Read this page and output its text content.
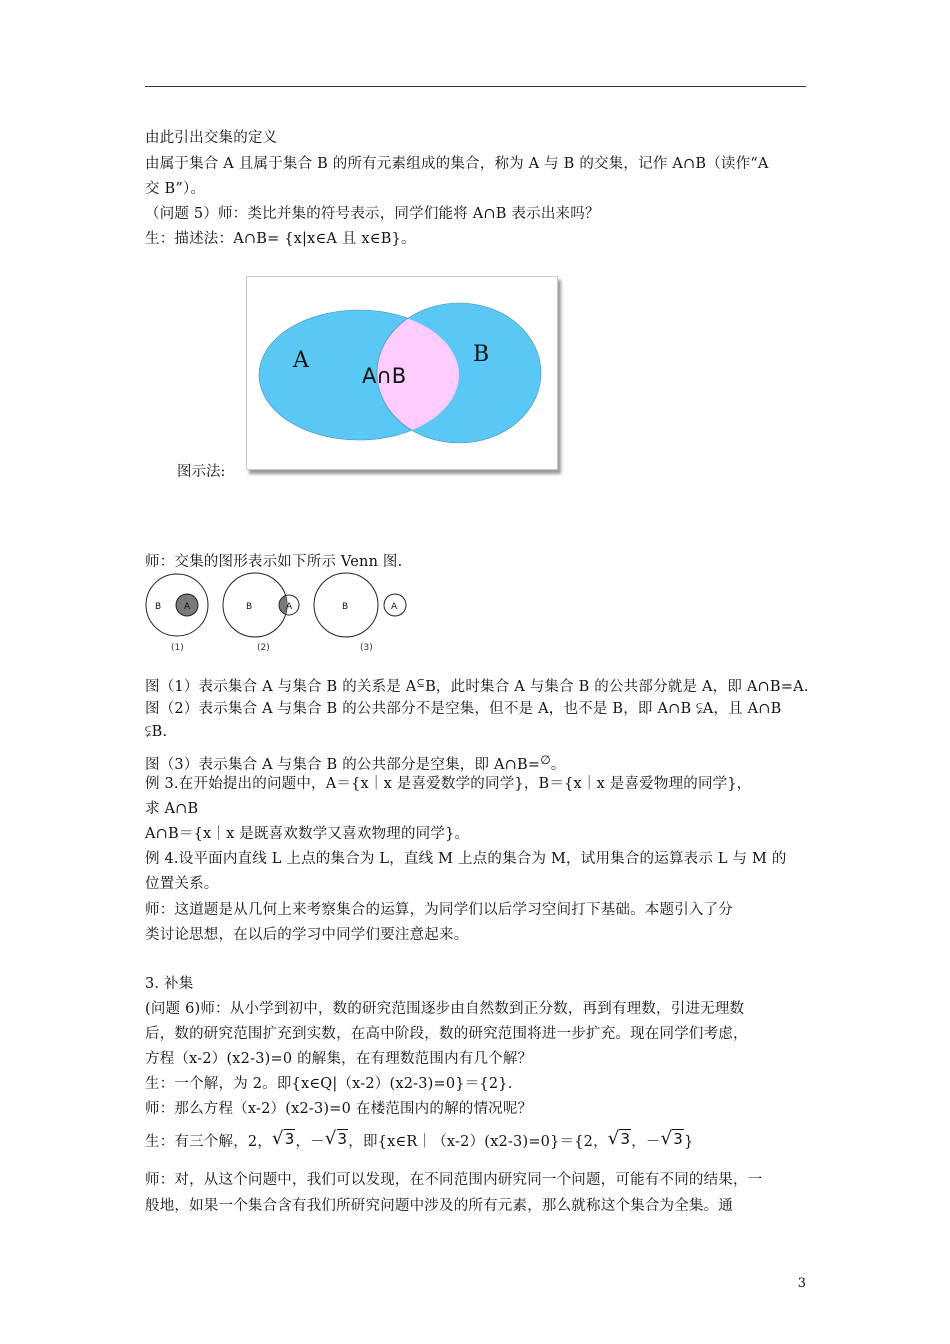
由此引出交集的定义
由属于集合 A 且属于集合 B 的所有元素组成的集合，称为 A 与 B 的交集，记作 A∩B（读作“A
交 B”）。
（问题 5）师：类比并集的符号表示，同学们能将 A∩B 表示出来吗？
生：描述法：A∩B= {x|x∈A 且 x∈B}。
A	B
A∩B
图示法:
师：交集的图形表示如下所示 Venn 图.
B	A
(1)
B	A
(2)
B	A
(3)
图（1）表示集合 A 与集合 B 的关系是 A⊆B，此时集合 A 与集合 B 的公共部分就是 A，即 A∩B=A.
图（2）表示集合 A 与集合 B 的公共部分不是空集，但不是 A，也不是 B，即 A∩B ⫋A，且 A∩B
⫋B.
图（3）表示集合 A 与集合 B 的公共部分是空集，即 A∩B=∅。
例 3.在开始提出的问题中，A＝{x｜x 是喜爱数学的同学}，B＝{x｜x 是喜爱物理的同学}，
求 A∩B
A∩B＝{x｜x 是既喜欢数学又喜欢物理的同学}。
例 4.设平面内直线 L 上点的集合为 L，直线 M 上点的集合为 M，试用集合的运算表示 L 与 M 的
位置关系。
师：这道题是从几何上来考察集合的运算，为同学们以后学习空间打下基础。本题引入了分
类讨论思想，在以后的学习中同学们要注意起来。
3. 补集
(问题 6)师：从小学到初中，数的研究范围逐步由自然数到正分数，再到有理数，引进无理数
后，数的研究范围扩充到实数，在高中阶段，数的研究范围将进一步扩充。现在同学们考虑，
方程（x-2）(x2-3)=0 的解集，在有理数范围内有几个解？
生：一个解，为 2。即{x∈Q|（x-2）(x2-3)=0}＝{2}.
师：那么方程（x-2）(x2-3)=0 在楼范围内的解的情况呢？
生：有三个解，2，√3，－√3，即{x∈R｜（x-2）(x2-3)=0}＝{2，√3，－√3}
师：对，从这个问题中，我们可以发现，在不同范围内研究同一个问题，可能有不同的结果，一
般地，如果一个集合含有我们所研究问题中涉及的所有元素，那么就称这个集合为全集。通
3
